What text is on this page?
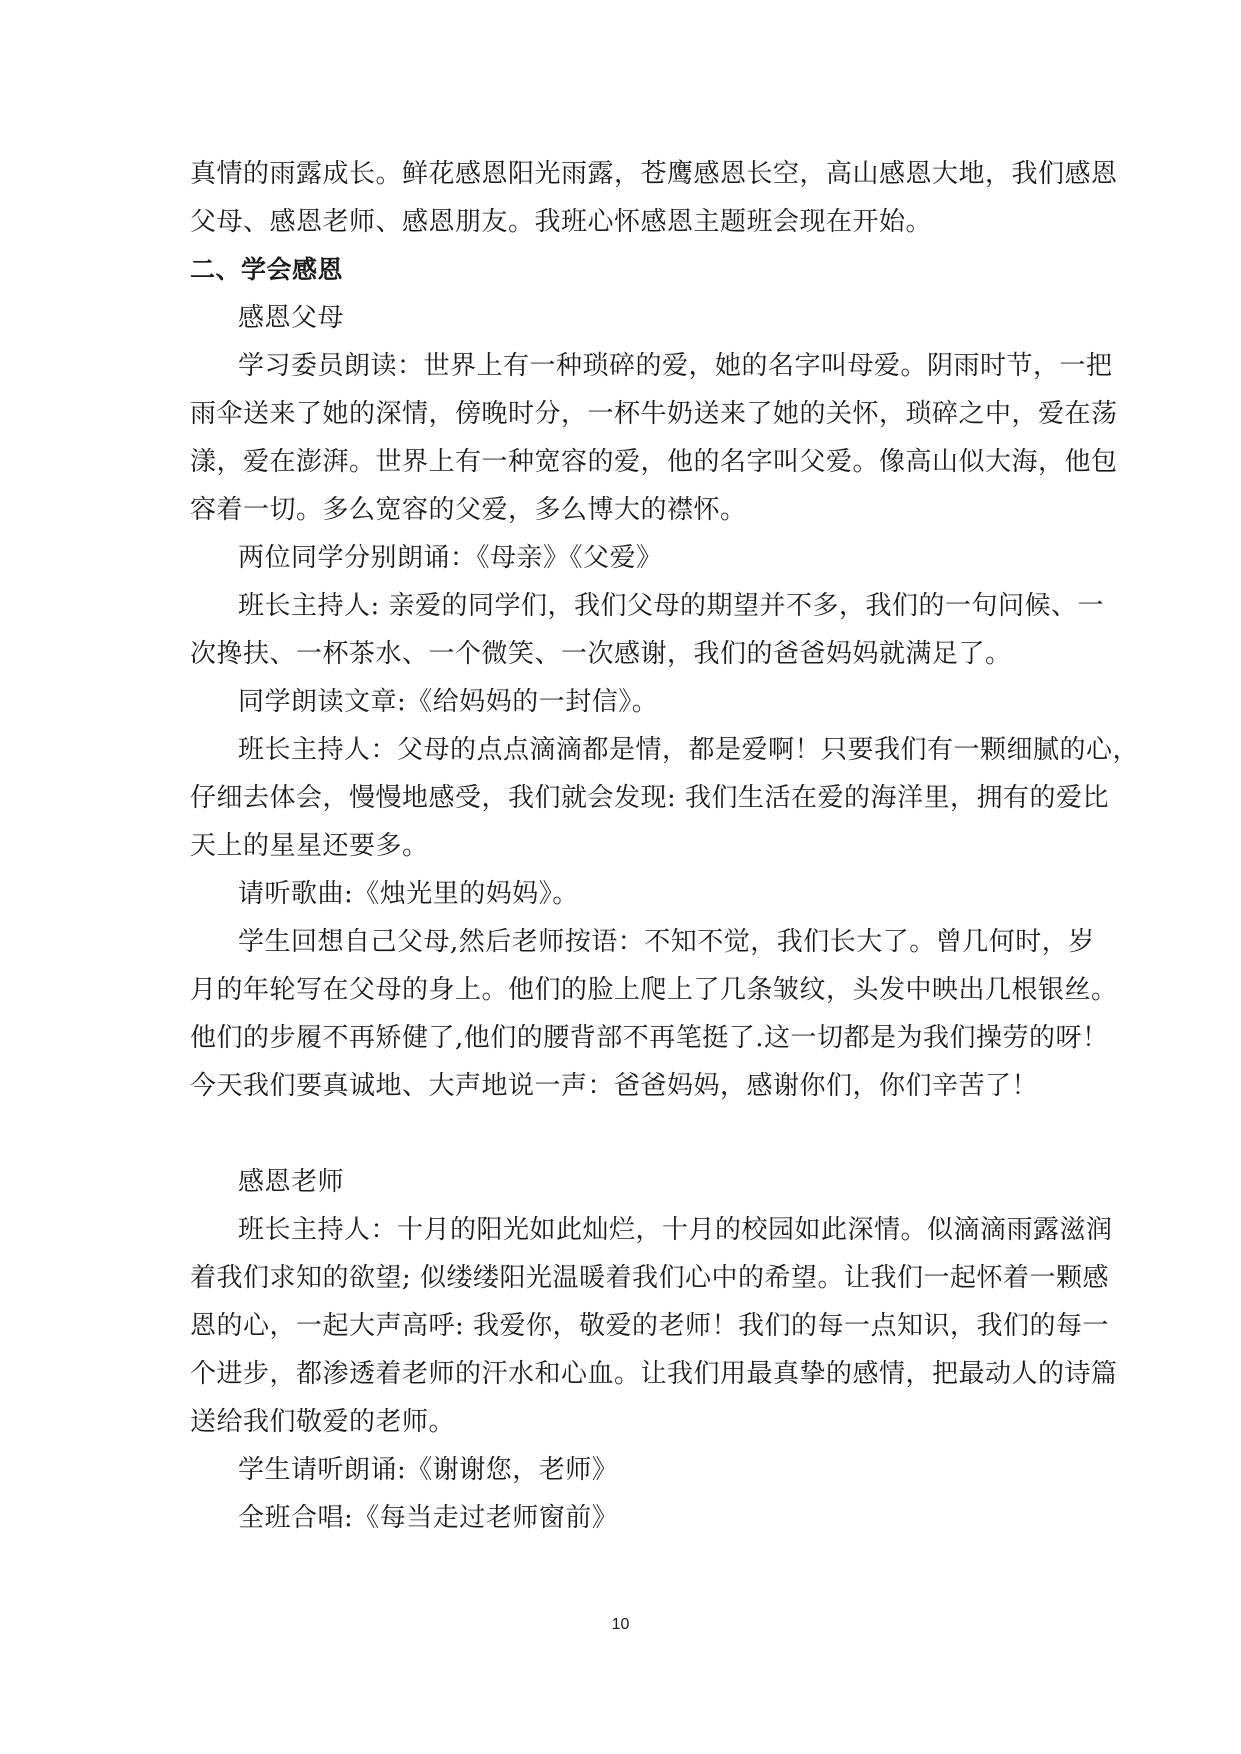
真情的雨露成长。鲜花感恩阳光雨露，苍鹰感恩长空，高山感恩大地，我们感恩
父母、感恩老师、感恩朋友。我班心怀感恩主题班会现在开始。
二、学会感恩
感恩父母
学习委员朗读：世界上有一种琐碎的爱，她的名字叫母爱。阴雨时节，一把
雨伞送来了她的深情，傍晚时分，一杯牛奶送来了她的关怀，琐碎之中，爱在荡
漾，爱在澎湃。世界上有一种宽容的爱，他的名字叫父爱。像高山似大海，他包
容着一切。多么宽容的父爱，多么博大的襟怀。
两位同学分别朗诵：《母亲》《父爱》
班长主持人: 亲爱的同学们，我们父母的期望并不多，我们的一句问候、一
次搀扶、一杯茶水、一个微笑、一次感谢，我们的爸爸妈妈就满足了。
同学朗读文章:《给妈妈的一封信》。
班长主持人：父母的点点滴滴都是情，都是爱啊！只要我们有一颗细腻的心，
仔细去体会，慢慢地感受，我们就会发现: 我们生活在爱的海洋里，拥有的爱比
天上的星星还要多。
请听歌曲:《烛光里的妈妈》。
学生回想自己父母,然后老师按语：不知不觉，我们长大了。曾几何时，岁
月的年轮写在父母的身上。他们的脸上爬上了几条皱纹，头发中映出几根银丝。
他们的步履不再矫健了,他们的腰背部不再笔挺了.这一切都是为我们操劳的呀！
今天我们要真诚地、大声地说一声：爸爸妈妈，感谢你们，你们辛苦了！
感恩老师
班长主持人：十月的阳光如此灿烂，十月的校园如此深情。似滴滴雨露滋润
着我们求知的欲望; 似缕缕阳光温暖着我们心中的希望。让我们一起怀着一颗感
恩的心，一起大声高呼: 我爱你，敬爱的老师！我们的每一点知识，我们的每一
个进步，都渗透着老师的汗水和心血。让我们用最真挚的感情，把最动人的诗篇
送给我们敬爱的老师。
学生请听朗诵:《谢谢您，老师》
全班合唱:《每当走过老师窗前》
10
